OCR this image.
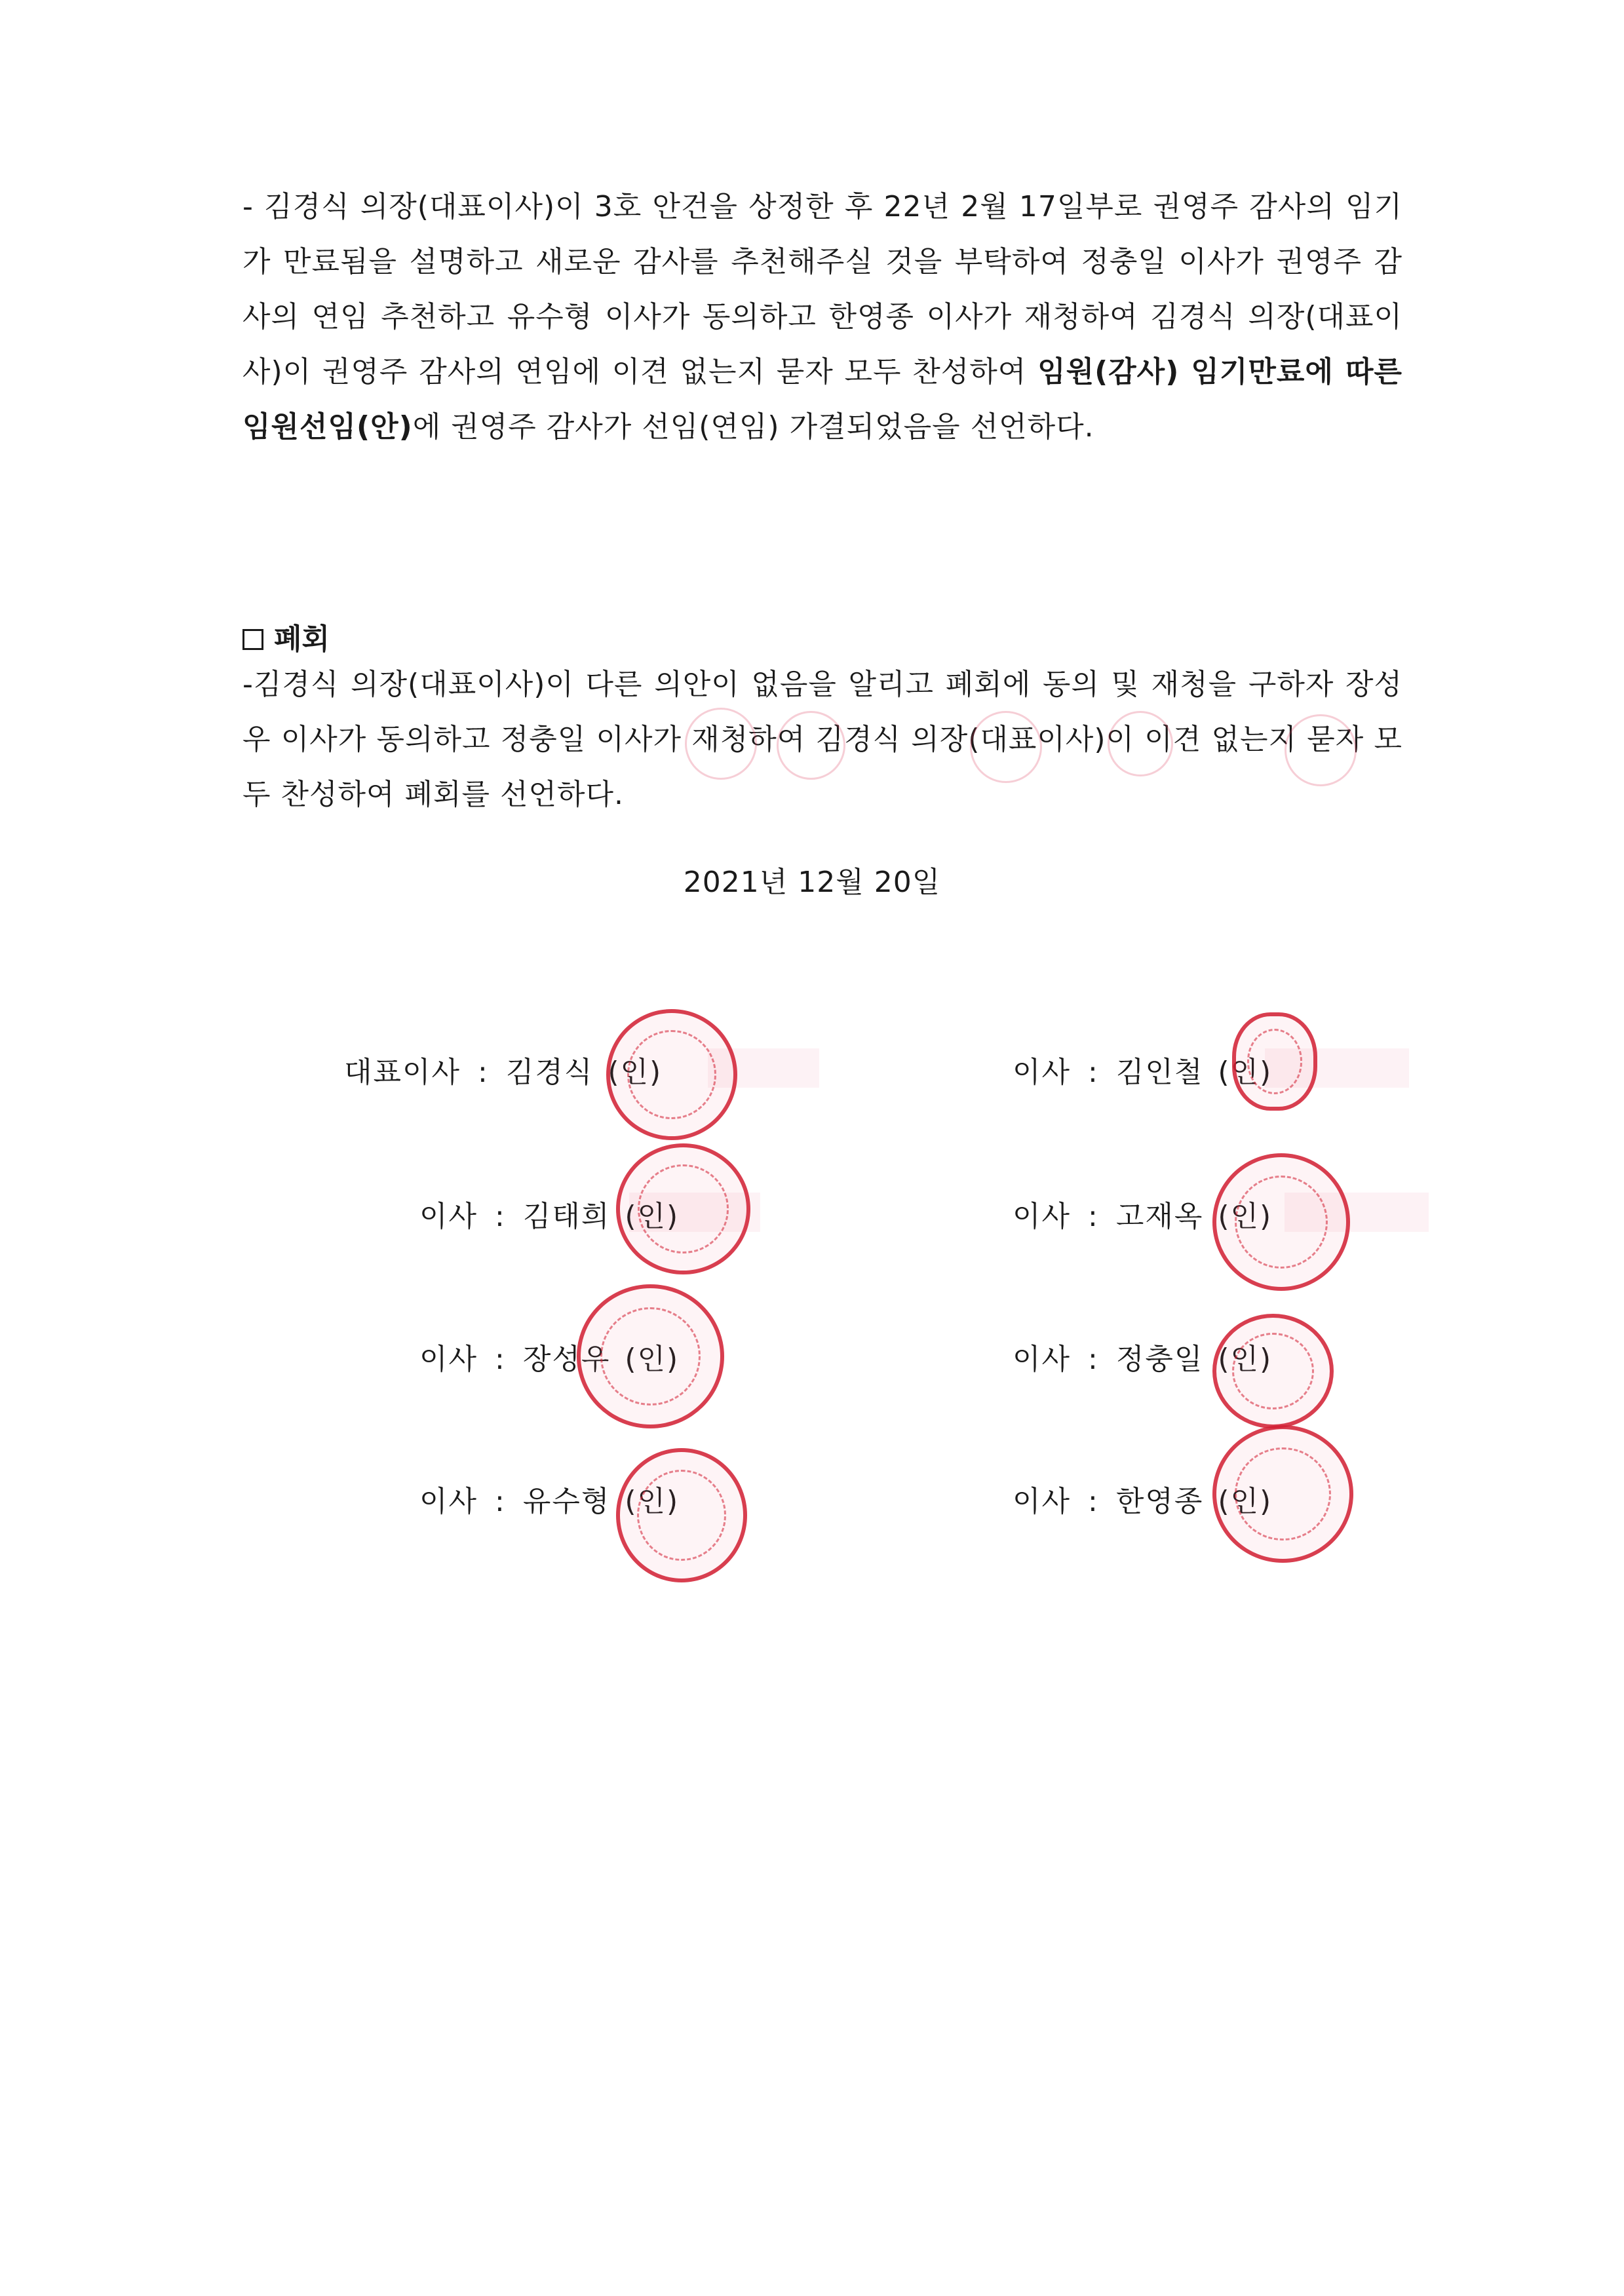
- 김경식 의장(대표이사)이 3호 안건을 상정한 후 22년 2월 17일부로 권영주 감사의 임기가 만료됨을 설명하고 새로운 감사를 추천해주실 것을 부탁하여 정충일 이사가 권영주 감사의 연임 추천하고 유수형 이사가 동의하고 한영종 이사가 재청하여 김경식 의장(대표이사)이 권영주 감사의 연임에 이견 없는지 묻자 모두 찬성하여 임원(감사) 임기만료에 따른 임원선임(안)에 권영주 감사가 선임(연임) 가결되었음을 선언하다.

폐회

-김경식 의장(대표이사)이 다른 의안이 없음을 알리고 폐회에 동의 및 재청을 구하자 장성우 이사가 동의하고 정충일 이사가 재청하여 김경식 의장(대표이사)이 이견 없는지 묻자 모두 찬성하여 폐회를 선언하다.

2021년 12월 20일
대표이사 : 김경식 (인)	이사 : 김인철 (인)
이사 : 김태희 (인)	이사 : 고재옥 (인)
이사 : 장성우 (인)	이사 : 정충일 (인)
이사 : 유수형 (인)	이사 : 한영종 (인)
